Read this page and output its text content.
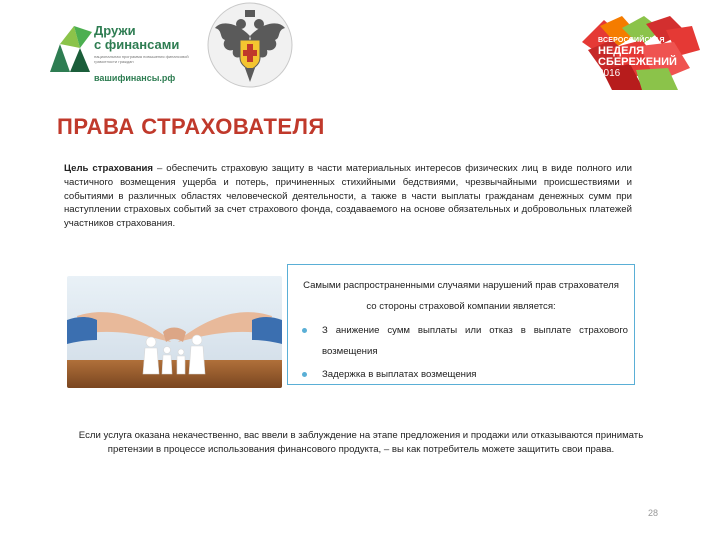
Дружи
с финансами
национальная программа повышения финансовой грамотности граждан
вашифинансы.рф
ВСЕРОССИЙСКАЯ
НЕДЕЛЯ
СБЕРЕЖЕНИЙ
2016
ПРАВА СТРАХОВАТЕЛЯ

Цель страхования – обеспечить страховую защиту в части материальных интересов физических лиц в виде полного или частичного возмещения ущерба и потерь, причиненных стихийными бедствиями, чрезвычайными происшествиями и событиями в различных областях человеческой деятельности, а также в части выплаты гражданам денежных сумм при наступлении страховых событий за счет страхового фонда, создаваемого на основе обязательных и добровольных платежей участников страхования.

Самыми распространенными случаями нарушений прав страхователя со стороны страховой компании является:

З анижение сумм выплаты или отказ в выплате страхового возмещения
Задержка в выплатах возмещения

Если услуга оказана некачественно, вас ввели в заблуждение на этапе предложения и продажи или отказываются принимать претензии в процессе использования финансового продукта, – вы как потребитель можете защитить свои права.

28
